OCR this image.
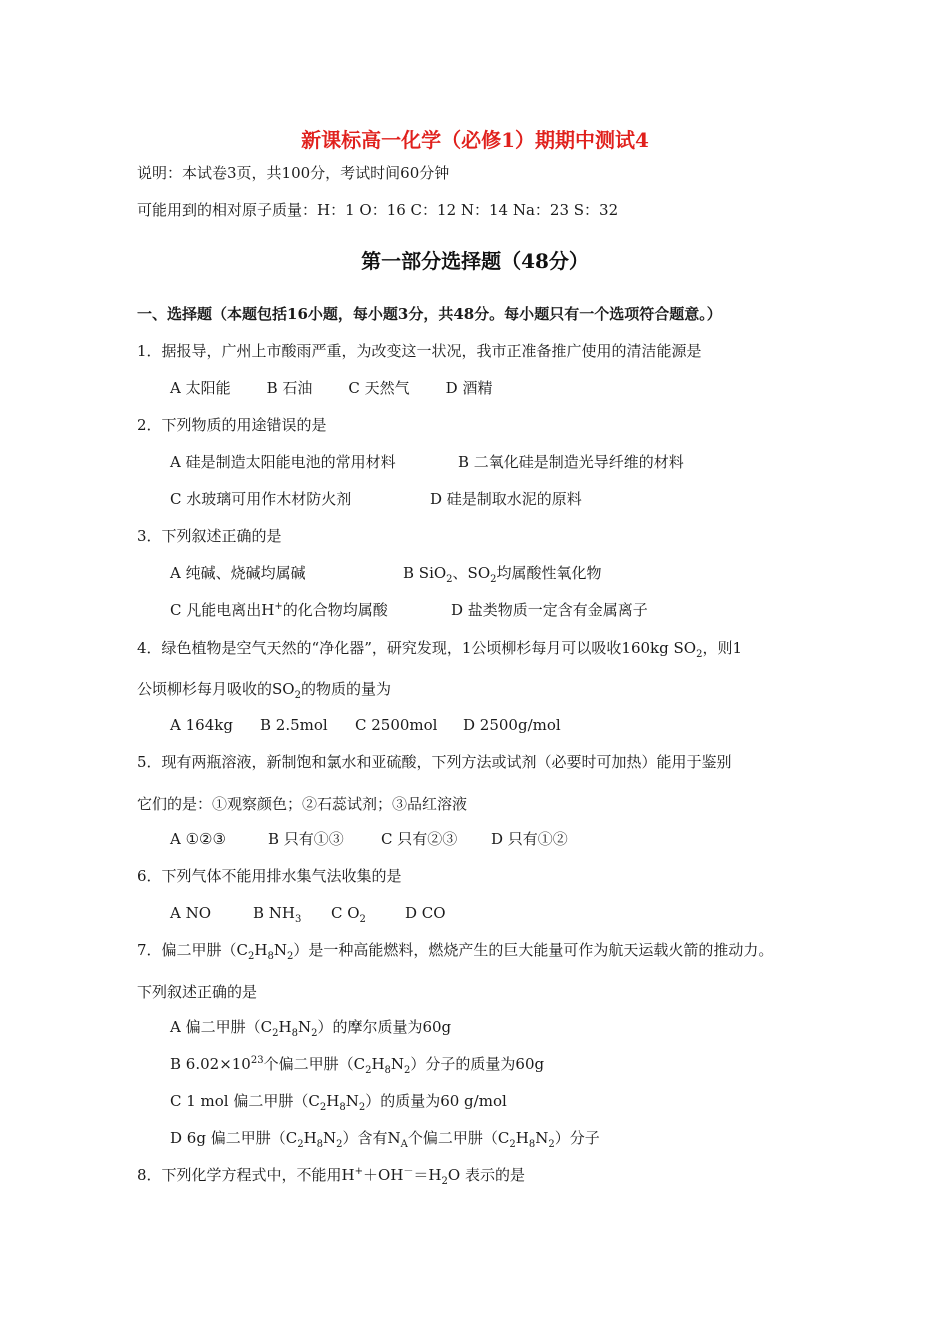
新课标高一化学（必修1）期期中测试4
说明：本试卷3页，共100分，考试时间60分钟
可能用到的相对原子质量：H：1 O：16 C：12 N：14 Na：23 S：32
第一部分选择题（48分）
一、选择题（本题包括16小题，每小题3分，共48分。每小题只有一个选项符合题意。）
1．据报导，广州上市酸雨严重，为改变这一状况，我市正准备推广使用的清洁能源是
A 太阳能 B 石油 C 天然气 D 酒精
2．下列物质的用途错误的是
A 硅是制造太阳能电池的常用材料	B 二氧化硅是制造光导纤维的材料
C 水玻璃可用作木材防火剂	D 硅是制取水泥的原料
3．下列叙述正确的是
A 纯碱、烧碱均属碱	B SiO$_2$、$SO_2$均属酸性氧化物
C 凡能电离出H+的化合物均属酸	D 盐类物质一定含有金属离子
4．绿色植物是空气天然的“净化器”，研究发现，1公顷柳杉每月可以吸收160kg $SO_2$，则1
公顷柳杉每月吸收的$SO_2$的物质的量为
A 164kg B 2.5mol C 2500mol D 2500g/mol
5．现有两瓶溶液，新制饱和氯水和亚硫酸，下列方法或试剂（必要时可加热）能用于鉴别
它们的是：①观察颜色；②石蕊试剂；③品红溶液
A ①②③	B 只有①③ C 只有②③ D 只有①②
6．下列气体不能用排水集气法收集的是
A NO	B $NH_3$ C $O_2$	D CO
7．偏二甲肼$(C_2H_8N_2)$是一种高能燃料，燃烧产生的巨大能量可作为航天运载火箭的推动力。
下列叙述正确的是
A 偏二甲肼$(C_2H_8N_2)$的摩尔质量为60g
B $6.02\times 10^{23}$个偏二甲肼$(C_2H_8N_2)$分子的质量为60g
C 1 mol 偏二甲肼$(C_2H_8N_2)$的质量为60 g/mol
D 6g 偏二甲肼$(C_2H_8N_2)$含有$N_A$个偏二甲肼$(C_2H_8N_2)$分子
8．下列化学方程式中，不能用$H^++OH^-=H_2O$ 表示的是
